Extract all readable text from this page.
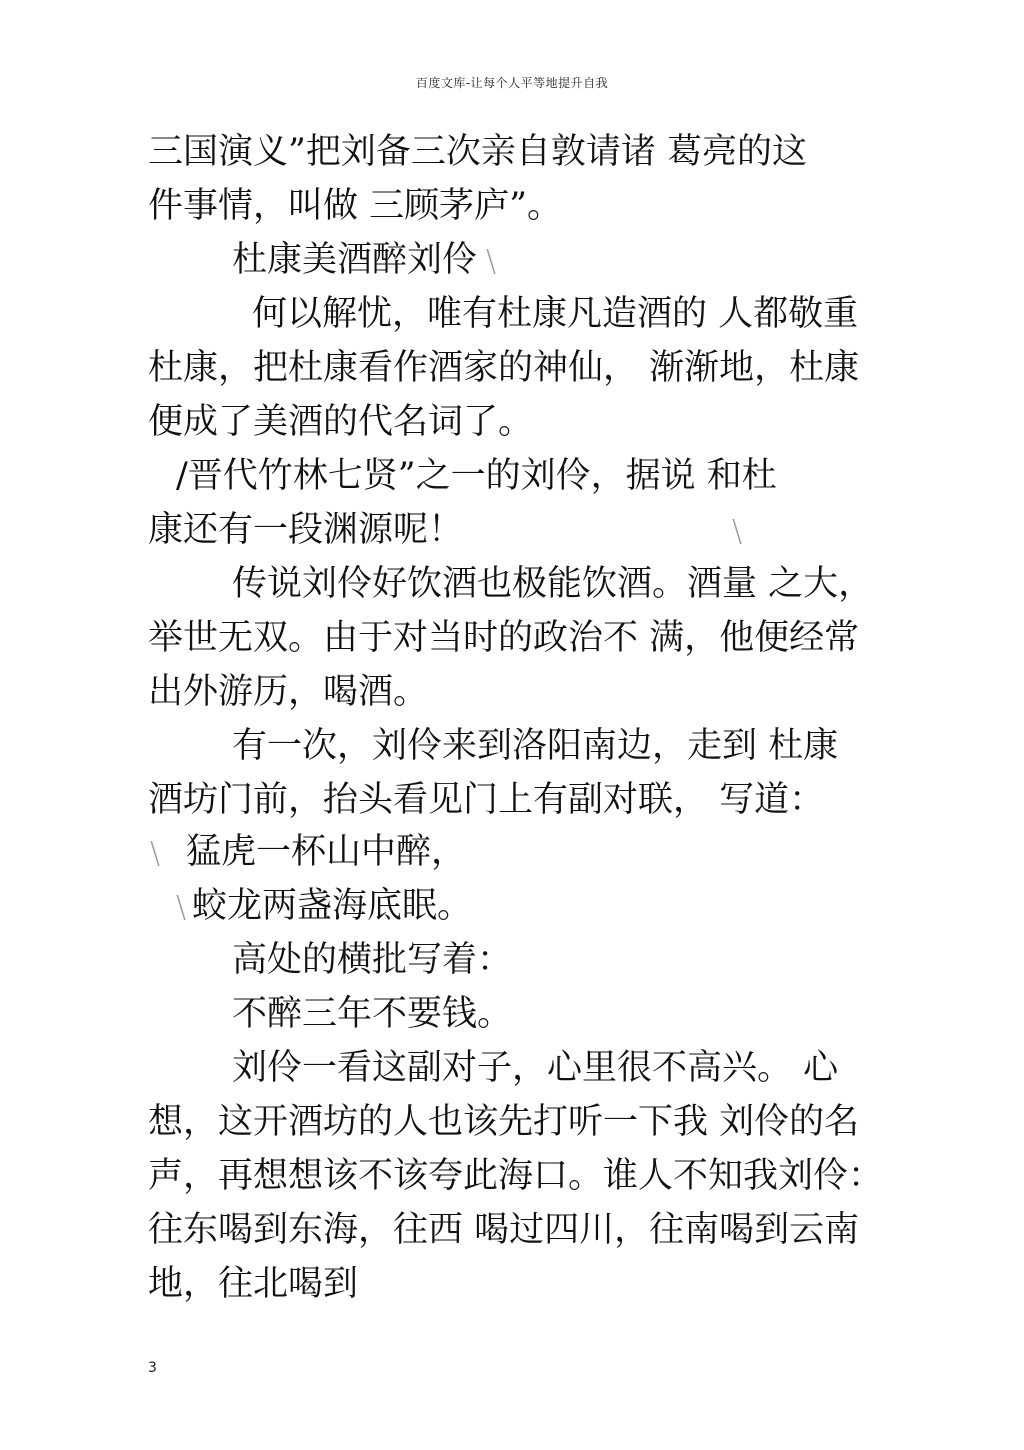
百度文库-让每个人平等地提升自我
三国演义”把刘备三次亲自敦请诸 葛亮的这
件事情，叫做 三顾茅庐”。
杜康美酒醉刘伶 \
何以解忧，唯有杜康凡造酒的 人都敬重
杜康，把杜康看作酒家的神仙， 渐渐地，杜康
便成了美酒的代名词了。
/晋代竹林七贤”之一的刘伶，据说 和杜
康还有一段渊源呢！	\
传说刘伶好饮酒也极能饮酒。酒量 之大，
举世无双。由于对当时的政治不 满，他便经常
出外游历，喝酒。
有一次，刘伶来到洛阳南边，走到 杜康
酒坊门前，抬头看见门上有副对联， 写道：
\ 猛虎一杯山中醉，
\ 蛟龙两盏海底眠。
高处的横批写着：
不醉三年不要钱。
刘伶一看这副对子，心里很不高兴。 心
想，这开酒坊的人也该先打听一下我 刘伶的名
声，再想想该不该夸此海口。谁人不知我刘伶：
往东喝到东海，往西 喝过四川，往南喝到云南
地，往北喝到
3
